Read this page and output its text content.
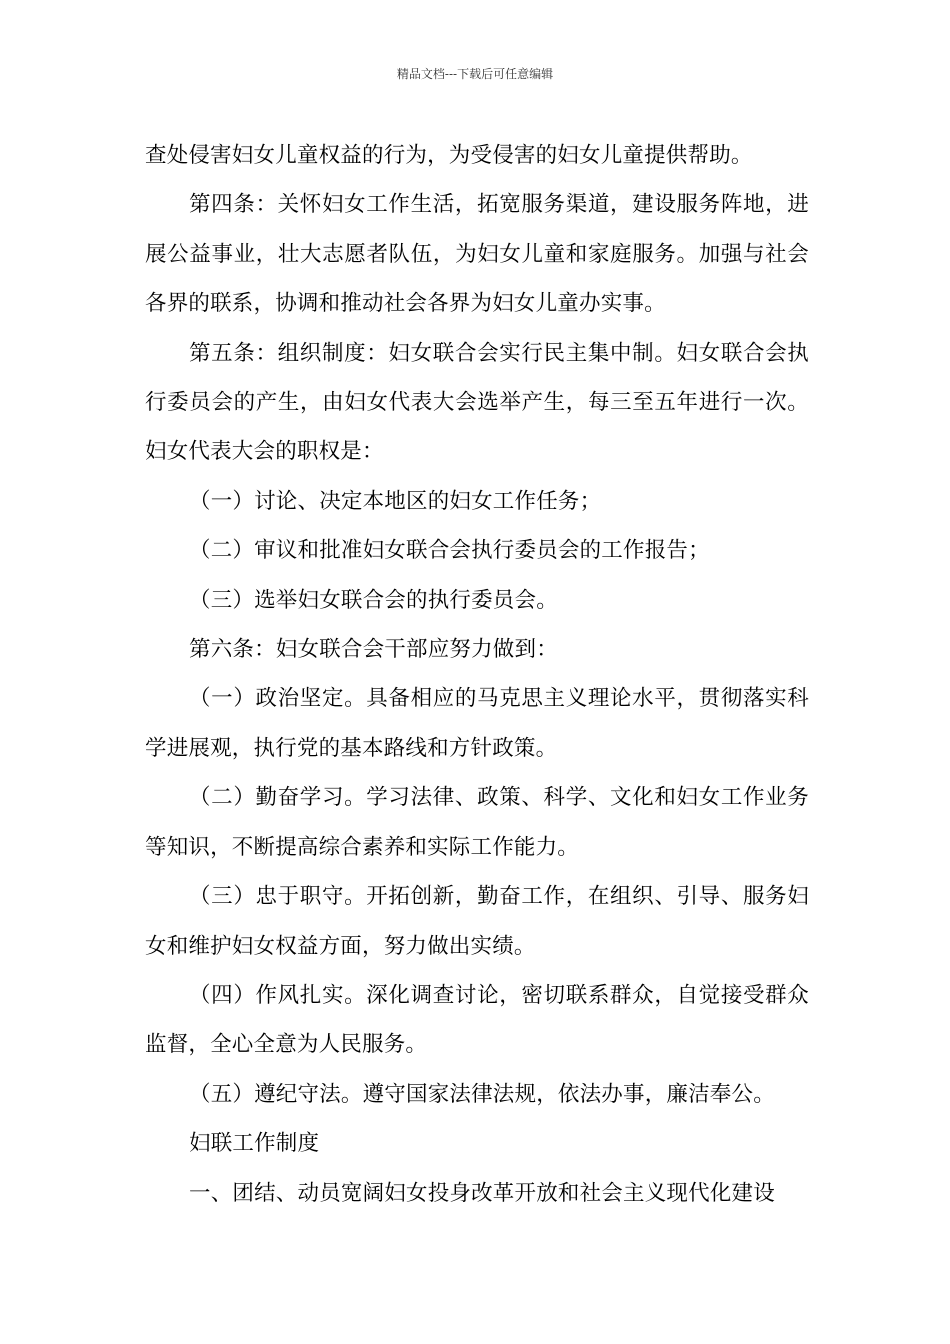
精品文档---下载后可任意编辑

查处侵害妇女儿童权益的行为，为受侵害的妇女儿童提供帮助。

第四条：关怀妇女工作生活，拓宽服务渠道，建设服务阵地，进展公益事业，壮大志愿者队伍，为妇女儿童和家庭服务。加强与社会各界的联系，协调和推动社会各界为妇女儿童办实事。

第五条：组织制度：妇女联合会实行民主集中制。妇女联合会执行委员会的产生，由妇女代表大会选举产生，每三至五年进行一次。妇女代表大会的职权是：

（一）讨论、决定本地区的妇女工作任务；

（二）审议和批准妇女联合会执行委员会的工作报告；

（三）选举妇女联合会的执行委员会。

第六条：妇女联合会干部应努力做到：

（一）政治坚定。具备相应的马克思主义理论水平，贯彻落实科学进展观，执行党的基本路线和方针政策。

（二）勤奋学习。学习法律、政策、科学、文化和妇女工作业务等知识，不断提高综合素养和实际工作能力。

（三）忠于职守。开拓创新，勤奋工作，在组织、引导、服务妇女和维护妇女权益方面，努力做出实绩。

（四）作风扎实。深化调查讨论，密切联系群众，自觉接受群众监督，全心全意为人民服务。

（五）遵纪守法。遵守国家法律法规，依法办事，廉洁奉公。

妇联工作制度

一、团结、动员宽阔妇女投身改革开放和社会主义现代化建设
